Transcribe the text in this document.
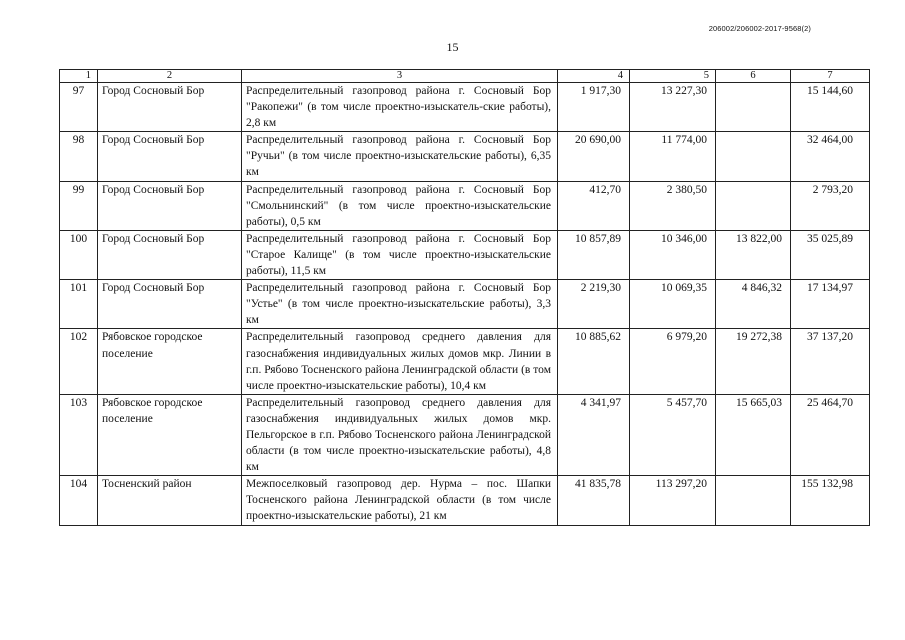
206002/206002-2017-9568(2)
15
1	2	3	4	5	6	7
97	Город Сосновый Бор	Распределительный газопровод района г. Сосновый Бор "Ракопежи" (в том числе проектно-изыскатель-ские работы), 2,8 км	1 917,30	13 227,30		15 144,60
98	Город Сосновый Бор	Распределительный газопровод района г. Сосновый Бор "Ручьи" (в том числе проектно-изыскательские работы), 6,35 км	20 690,00	11 774,00		32 464,00
99	Город Сосновый Бор	Распределительный газопровод района г. Сосновый Бор "Смольнинский" (в том числе проектно-изыскательские работы), 0,5 км	412,70	2 380,50		2 793,20
100	Город Сосновый Бор	Распределительный газопровод района г. Сосновый Бор "Старое Калище" (в том числе проектно-изыскательские работы), 11,5 км	10 857,89	10 346,00	13 822,00	35 025,89
101	Город Сосновый Бор	Распределительный газопровод района г. Сосновый Бор "Устье" (в том числе проектно-изыскательские работы), 3,3 км	2 219,30	10 069,35	4 846,32	17 134,97
102	Рябовское городское поселение	Распределительный газопровод среднего давления для газоснабжения индивидуальных жилых домов мкр. Линии в г.п. Рябово Тосненского района Ленинградской области (в том числе проектно-изыскательские работы), 10,4 км	10 885,62	6 979,20	19 272,38	37 137,20
103	Рябовское городское поселение	Распределительный газопровод среднего давления для газоснабжения индивидуальных жилых домов мкр. Пельгорское в г.п. Рябово Тосненского района Ленинградской области (в том числе проектно-изыскательские работы), 4,8 км	4 341,97	5 457,70	15 665,03	25 464,70
104	Тосненский район	Межпоселковый газопровод дер. Нурма – пос. Шапки Тосненского района Ленинградской области (в том числе проектно-изыскательские работы), 21 км	41 835,78	113 297,20		155 132,98
